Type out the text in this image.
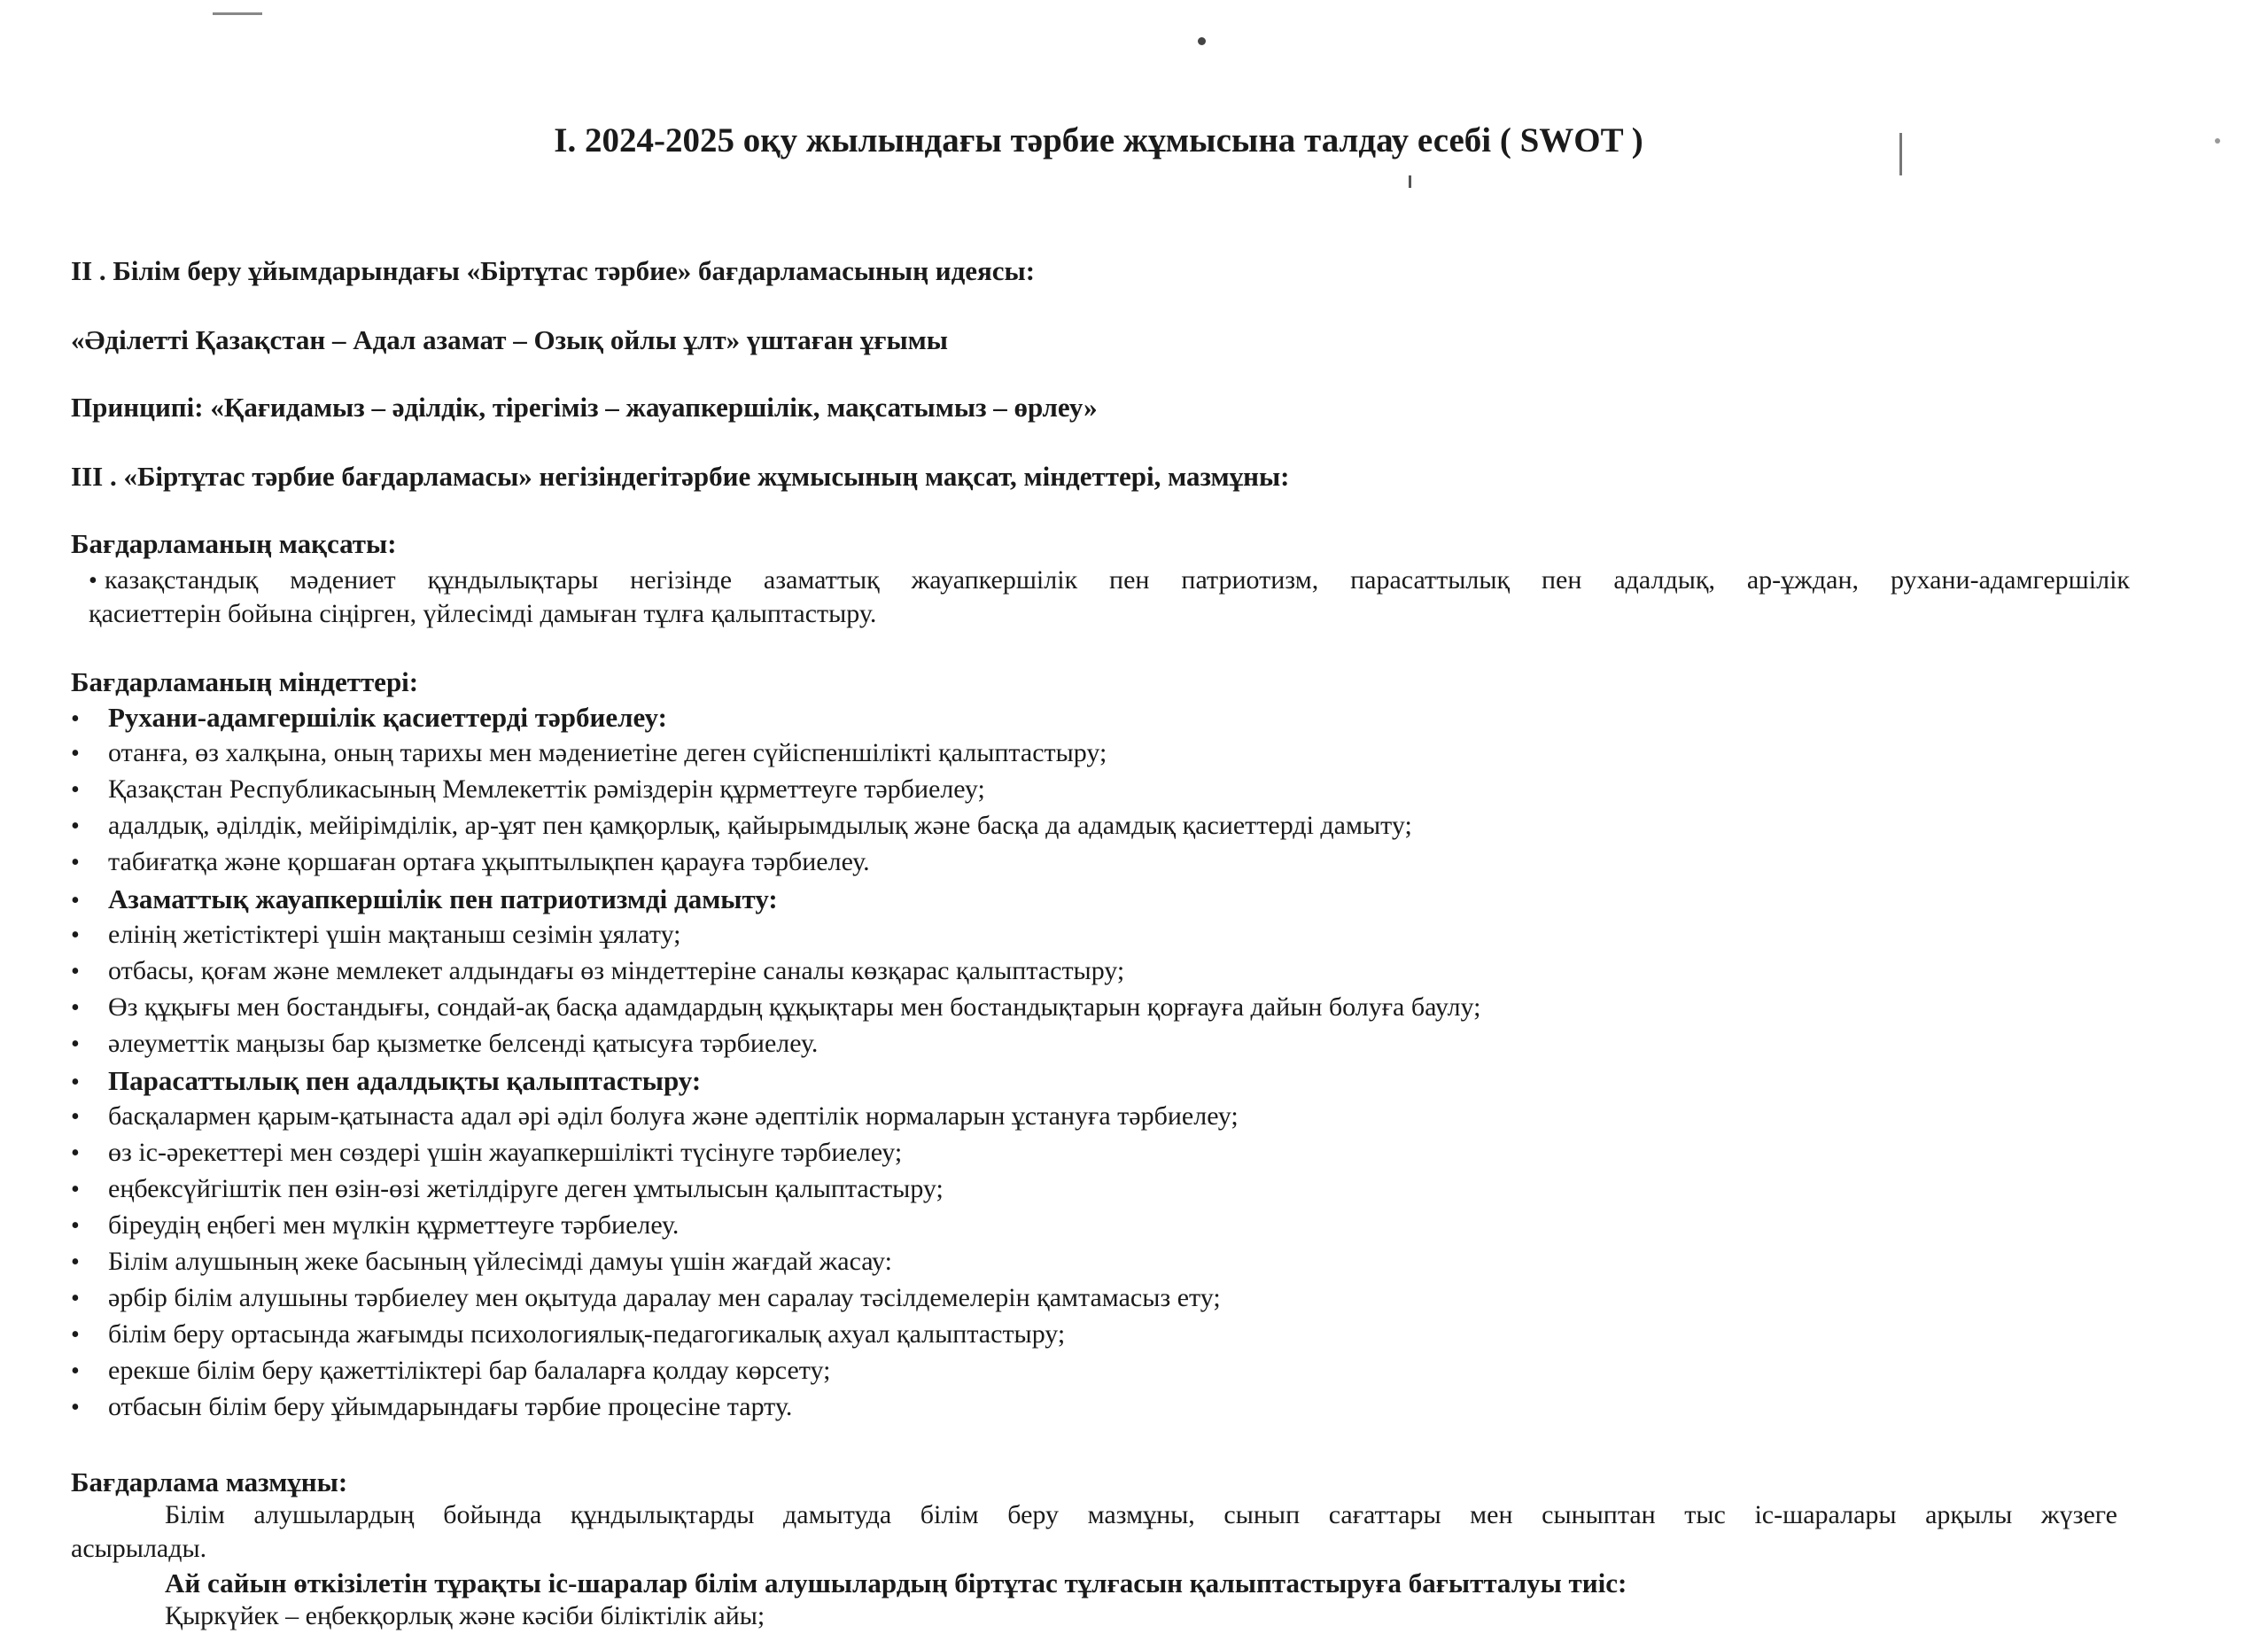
I. 2024-2025 оқу жылындағы тәрбие жұмысына талдау есебі ( SWOT )
II . Білім беру ұйымдарындағы «Біртұтас тәрбие» бағдарламасының идеясы:
«Әділетті Қазақстан – Адал азамат – Озық ойлы ұлт» үштаған ұғымы
Принципі: «Қағидамыз – әділдік, тірегіміз – жауапкершілік, мақсатымыз – өрлеу»
III . «Біртұтас тәрбие бағдарламасы» негізіндегітәрбие жұмысының мақсат, міндеттері, мазмұны:
Бағдарламаның мақсаты:
• казақстандық мәдениет құндылықтары негізінде азаматтық жауапкершілік пен патриотизм, парасаттылық пен адалдық, ар-ұждан, рухани-адамгершілік
қасиеттерін бойына сіңірген, үйлесімді дамыған тұлға қалыптастыру.
Бағдарламаның міндеттері:
• Рухани-адамгершілік қасиеттерді тәрбиелеу:
• отанға, өз халқына, оның тарихы мен мәдениетіне деген сүйіспеншілікті қалыптастыру;
• Қазақстан Республикасының Мемлекеттік рәміздерін құрметтеуге тәрбиелеу;
• адалдық, әділдік, мейірімділік, ар-ұят пен қамқорлық, қайырымдылық және басқа да адамдық қасиеттерді дамыту;
• табиғатқа және қоршаған ортаға ұқыптылықпен қарауға тәрбиелеу.
• Азаматтық жауапкершілік пен патриотизмді дамыту:
• елінің жетістіктері үшін мақтаныш сезімін ұялату;
• отбасы, қоғам және мемлекет алдындағы өз міндеттеріне саналы көзқарас қалыптастыру;
• Өз құқығы мен бостандығы, сондай-ақ басқа адамдардың құқықтары мен бостандықтарын қорғауға дайын болуға баулу;
• әлеуметтік маңызы бар қызметке белсенді қатысуға тәрбиелеу.
• Парасаттылық пен адалдықты қалыптастыру:
• басқалармен қарым-қатынаста адал әрі әділ болуға және әдептілік нормаларын ұстануға тәрбиелеу;
• өз іс-әрекеттері мен сөздері үшін жауапкершілікті түсінуге тәрбиелеу;
• еңбексүйгіштік пен өзін-өзі жетілдіруге деген ұмтылысын қалыптастыру;
• біреудің еңбегі мен мүлкін құрметтеуге тәрбиелеу.
• Білім алушының жеке басының үйлесімді дамуы үшін жағдай жасау:
• әрбір білім алушыны тәрбиелеу мен оқытуда даралау мен саралау тәсілдемелерін қамтамасыз ету;
• білім беру ортасында жағымды психологиялық-педагогикалық ахуал қалыптастыру;
• ерекше білім беру қажеттіліктері бар балаларға қолдау көрсету;
• отбасын білім беру ұйымдарындағы тәрбие процесіне тарту.
Бағдарлама мазмұны:
Білім алушылардың бойында құндылықтарды дамытуда білім беру мазмұны, сынып сағаттары мен сыныптан тыс іс-шаралары арқылы жүзеге
асырылады.
Ай сайын өткізілетін тұрақты іс-шаралар білім алушылардың біртұтас тұлғасын қалыптастыруға бағытталуы тиіс:
Қыркүйек – еңбекқорлық және кәсіби біліктілік айы;
